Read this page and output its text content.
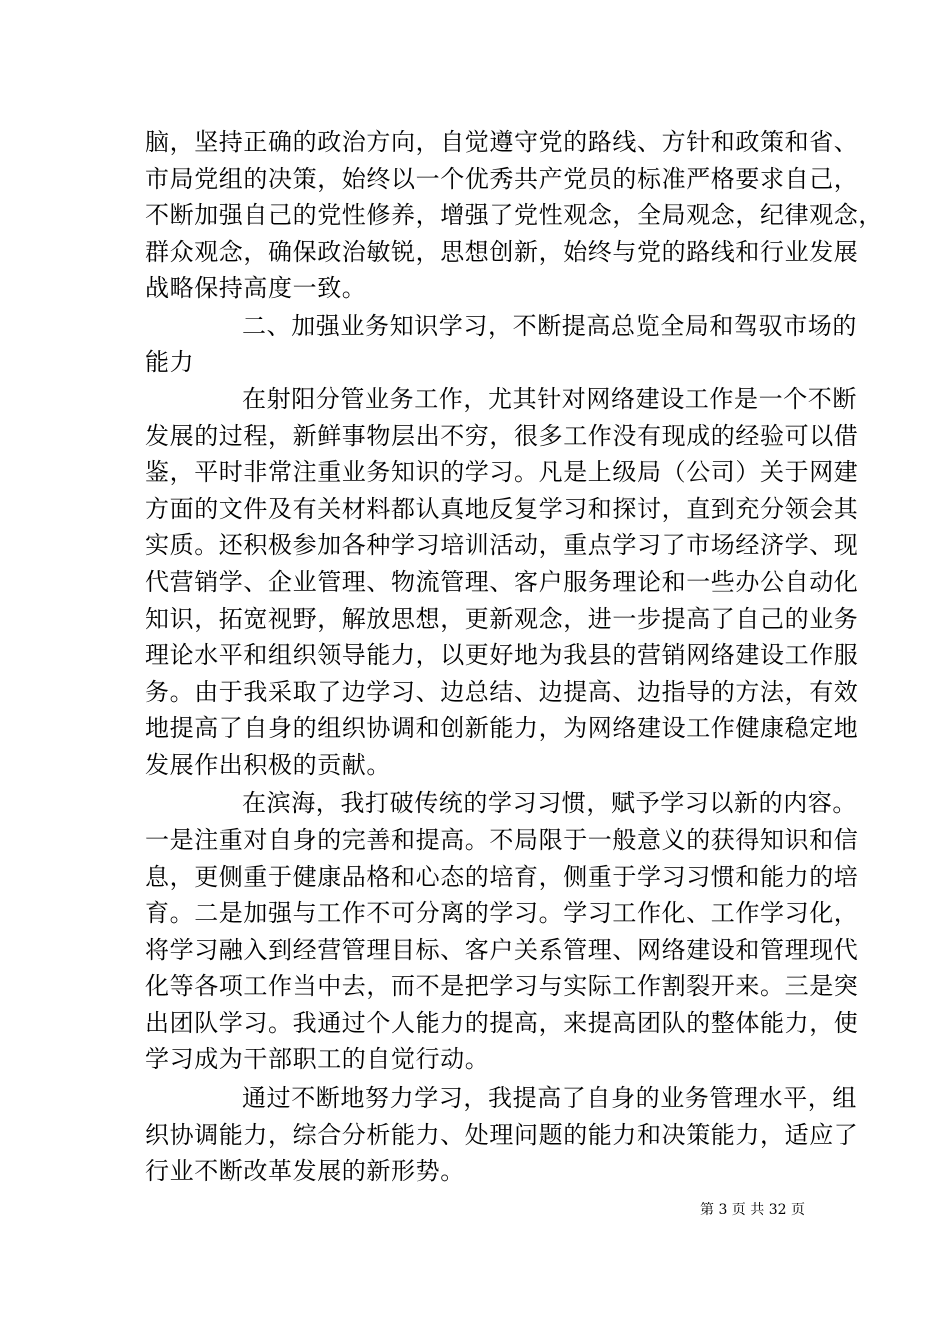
脑，坚持正确的政治方向，自觉遵守党的路线、方针和政策和省、
市局党组的决策，始终以一个优秀共产党员的标准严格要求自己，
不断加强自己的党性修养，增强了党性观念，全局观念，纪律观念，
群众观念，确保政治敏锐，思想创新，始终与党的路线和行业发展
战略保持高度一致。
二、加强业务知识学习，不断提高总览全局和驾驭市场的
能力
在射阳分管业务工作，尤其针对网络建设工作是一个不断
发展的过程，新鲜事物层出不穷，很多工作没有现成的经验可以借
鉴，平时非常注重业务知识的学习。凡是上级局（公司）关于网建
方面的文件及有关材料都认真地反复学习和探讨，直到充分领会其
实质。还积极参加各种学习培训活动，重点学习了市场经济学、现
代营销学、企业管理、物流管理、客户服务理论和一些办公自动化
知识，拓宽视野，解放思想，更新观念，进一步提高了自己的业务
理论水平和组织领导能力，以更好地为我县的营销网络建设工作服
务。由于我采取了边学习、边总结、边提高、边指导的方法，有效
地提高了自身的组织协调和创新能力，为网络建设工作健康稳定地
发展作出积极的贡献。
在滨海，我打破传统的学习习惯，赋予学习以新的内容。
一是注重对自身的完善和提高。不局限于一般意义的获得知识和信
息，更侧重于健康品格和心态的培育，侧重于学习习惯和能力的培
育。二是加强与工作不可分离的学习。学习工作化、工作学习化，
将学习融入到经营管理目标、客户关系管理、网络建设和管理现代
化等各项工作当中去，而不是把学习与实际工作割裂开来。三是突
出团队学习。我通过个人能力的提高，来提高团队的整体能力，使
学习成为干部职工的自觉行动。
通过不断地努力学习，我提高了自身的业务管理水平，组
织协调能力，综合分析能力、处理问题的能力和决策能力，适应了
行业不断改革发展的新形势。
第 3 页 共 32 页
